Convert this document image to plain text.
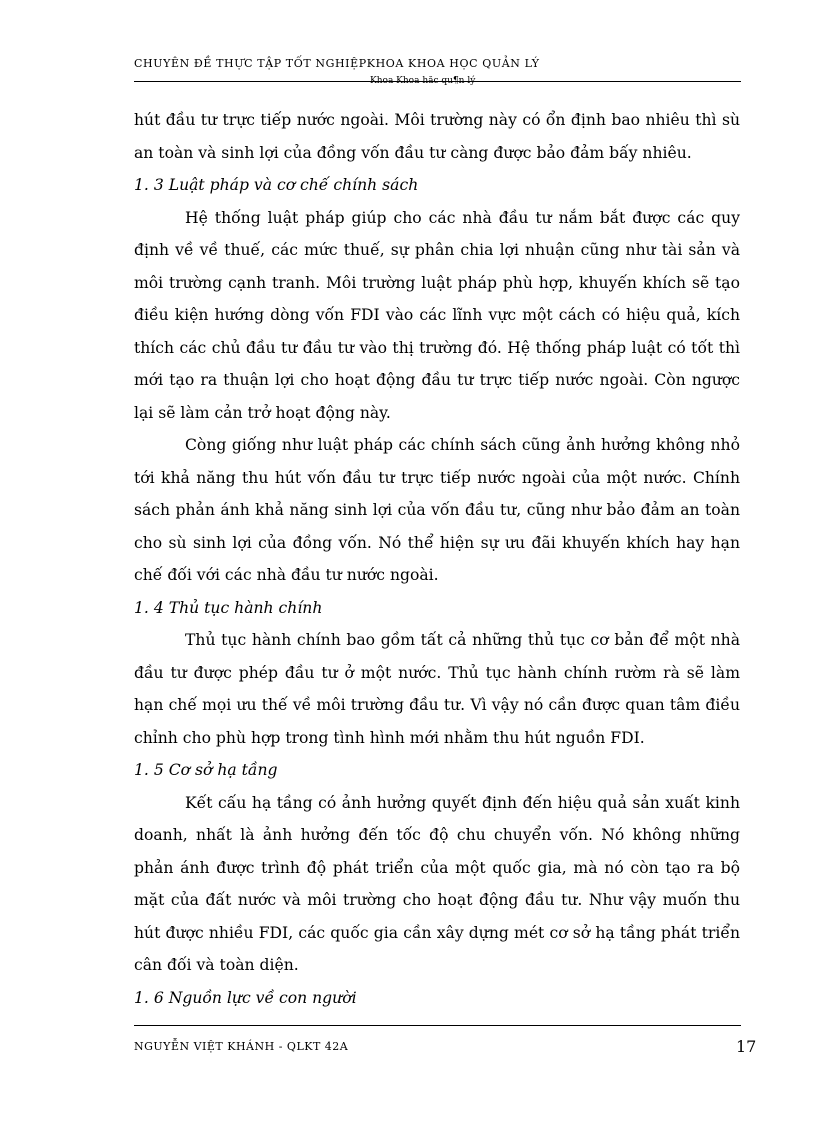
CHUYÊN ĐỀ THỰC TẬP TỐT NGHIỆPKHOA KHOA HỌC QUẢN LÝ
Khoa Khoa hăc qu¶n lý

hút đầu tư trực tiếp nước ngoài. Môi trường này có ổn định bao nhiêu thì sù an toàn và sinh lợi của đồng vốn đầu tư càng được bảo đảm bấy nhiêu.

1. 3 Luật pháp và cơ chế chính sách

Hệ thống luật pháp giúp cho các nhà đầu tư nắm bắt được các quy định về về thuế, các mức thuế, sự phân chia lợi nhuận cũng như tài sản và môi trường cạnh tranh. Môi trường luật pháp phù hợp, khuyến khích sẽ tạo điều kiện hướng dòng vốn FDI vào các lĩnh vực một cách có hiệu quả, kích thích các chủ đầu tư đầu tư vào thị trường đó. Hệ thống pháp luật có tốt thì mới tạo ra thuận lợi cho hoạt động đầu tư trực tiếp nước ngoài. Còn ngược lại sẽ làm cản trở hoạt động này.

Còng giống như luật pháp các chính sách cũng ảnh hưởng không nhỏ tới khả năng thu hút vốn đầu tư trực tiếp nước ngoài của một nước. Chính sách phản ánh khả năng sinh lợi của vốn đầu tư, cũng như bảo đảm an toàn cho sù sinh lợi của đồng vốn. Nó thể hiện sự ưu đãi khuyến khích hay hạn chế đối với các nhà đầu tư nước ngoài.

1. 4 Thủ tục hành chính

Thủ tục hành chính bao gồm tất cả những thủ tục cơ bản để một nhà đầu tư được phép đầu tư ở một nước. Thủ tục hành chính rườm rà sẽ làm hạn chế mọi ưu thế về môi trường đầu tư. Vì vậy nó cần được quan tâm điều chỉnh cho phù hợp trong tình hình mới nhằm thu hút nguồn FDI.

1. 5 Cơ sở hạ tầng

Kết cấu hạ tầng có ảnh hưởng quyết định đến hiệu quả sản xuất kinh doanh, nhất là ảnh hưởng đến tốc độ chu chuyển vốn. Nó không những phản ánh được trình độ phát triển của một quốc gia, mà nó còn tạo ra bộ mặt của đất nước và môi trường cho hoạt động đầu tư. Như vậy muốn thu hút được nhiều FDI, các quốc gia cần xây dựng mét cơ sở hạ tầng phát triển cân đối và toàn diện.

1. 6 Nguồn lực về con người

NGUYỄN VIỆT KHÁNH - QLKT 42A	17
